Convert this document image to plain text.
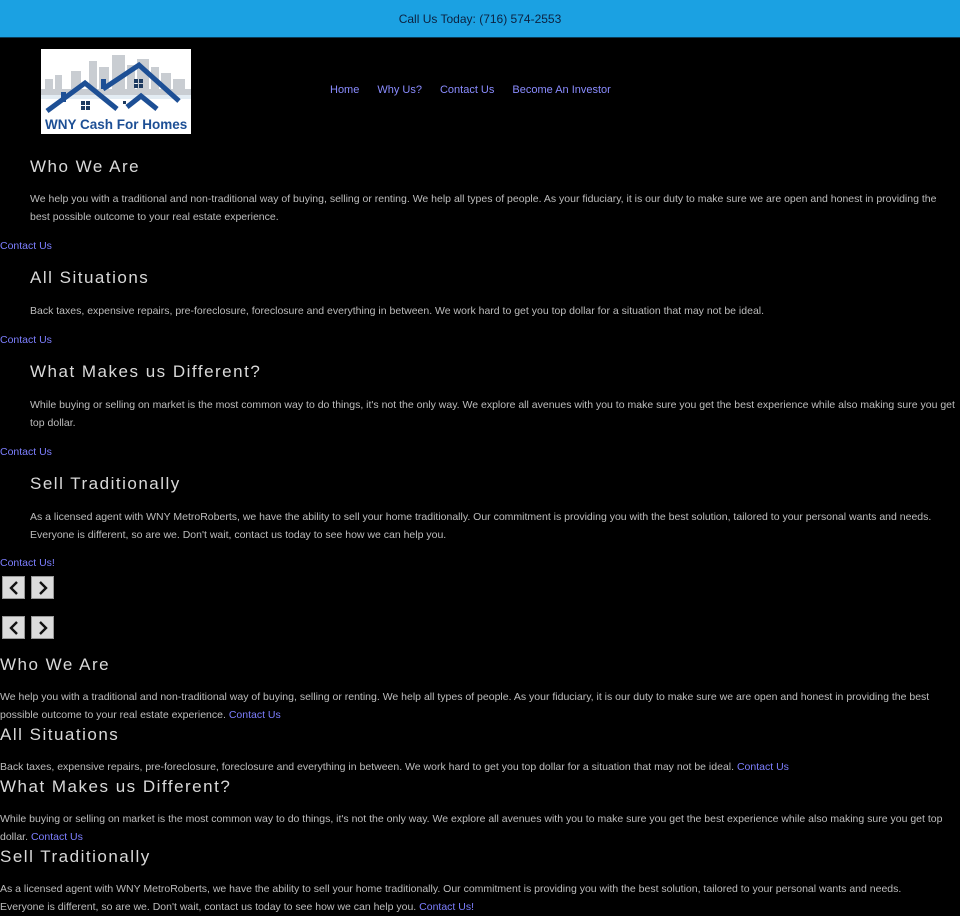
Call Us Today: (716) 574-2553
WNY Cash For Homes
Home Why Us? Contact Us Become An Investor
Who We Are

We help you with a traditional and non-traditional way of buying, selling or renting. We help all types of people. As your fiduciary, it is our duty to make sure we are open and honest in providing the best possible outcome to your real estate experience.

Contact Us
All Situations

Back taxes, expensive repairs, pre-foreclosure, foreclosure and everything in between. We work hard to get you top dollar for a situation that may not be ideal.

Contact Us
What Makes us Different?

While buying or selling on market is the most common way to do things, it's not the only way. We explore all avenues with you to make sure you get the best experience while also making sure you get top dollar.

Contact Us
Sell Traditionally

As a licensed agent with WNY MetroRoberts, we have the ability to sell your home traditionally. Our commitment is providing you with the best solution, tailored to your personal wants and needs. Everyone is different, so are we. Don't wait, contact us today to see how we can help you.

Contact Us!
Who We Are

We help you with a traditional and non-traditional way of buying, selling or renting. We help all types of people. As your fiduciary, it is our duty to make sure we are open and honest in providing the best possible outcome to your real estate experience. Contact Us

All Situations

Back taxes, expensive repairs, pre-foreclosure, foreclosure and everything in between. We work hard to get you top dollar for a situation that may not be ideal. Contact Us

What Makes us Different?

While buying or selling on market is the most common way to do things, it's not the only way. We explore all avenues with you to make sure you get the best experience while also making sure you get top dollar. Contact Us

Sell Traditionally

As a licensed agent with WNY MetroRoberts, we have the ability to sell your home traditionally. Our commitment is providing you with the best solution, tailored to your personal wants and needs. Everyone is different, so are we. Don't wait, contact us today to see how we can help you. Contact Us!
